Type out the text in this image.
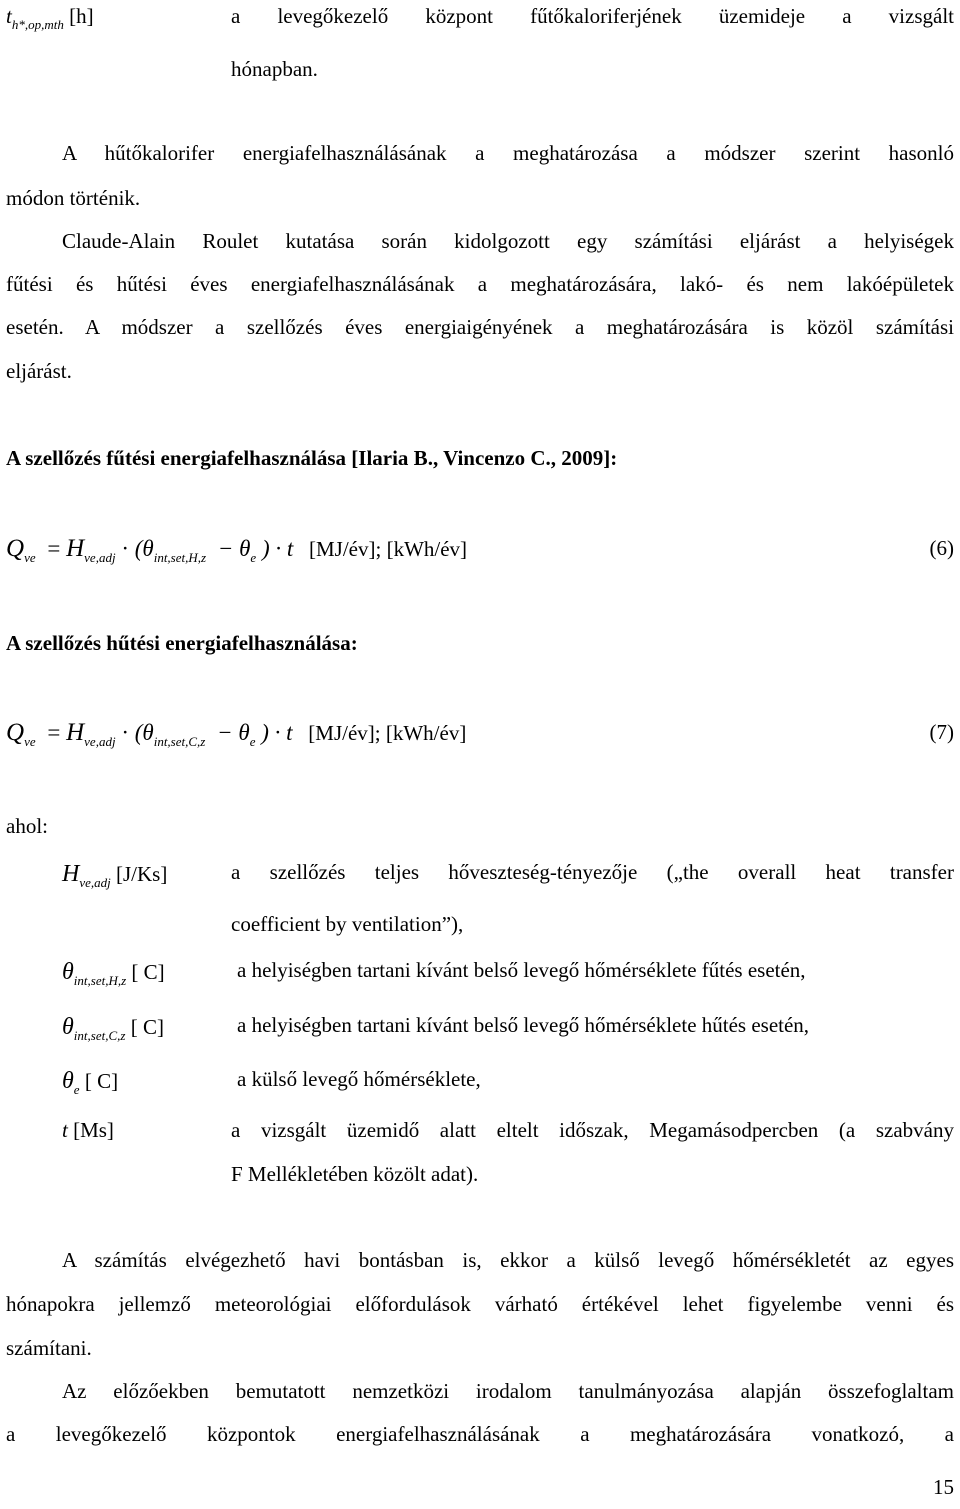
$t_{h*,op,mth}$ [h]	a levegőkezelő központ fűtőkaloriferjének üzemideje a vizsgált
hónapban.
A hűtőkalorifer energiafelhasználásának a meghatározása a módszer szerint hasonló
módon történik.
Claude-Alain Roulet kutatása során kidolgozott egy számítási eljárást a helyiségek
fűtési és hűtési éves energiafelhasználásának a meghatározására, lakó- és nem lakóépületek
esetén. A módszer a szellőzés éves energiaigényének a meghatározására is közöl számítási
eljárást.
A szellőzés fűtési energiafelhasználása [Ilaria B., Vincenzo C., 2009]:
$Q_{ve} = H_{ve,adj} \cdot (\theta_{int,set,H,z} - \theta_e$ ) · t [MJ/év]; [kWh/év]	(6)
A szellőzés hűtési energiafelhasználása:
$Q_{ve} = H_{ve,adj} \cdot (\theta_{int,set,C,z} - \theta_e$ ) · t [MJ/év]; [kWh/év]	(7)
ahol:
$H_{ve,adj}$ [J/Ks]	a szellőzés teljes hőveszteség-tényezője („the overall heat transfer
coefficient by ventilation”),
$\theta_{int,set,H,z}$ [ C]	a helyiségben tartani kívánt belső levegő hőmérséklete fűtés esetén,
$\theta_{int,set,C,z}$ [ C]	a helyiségben tartani kívánt belső levegő hőmérséklete hűtés esetén,
$\theta_e$ [ C]	a külső levegő hőmérséklete,
t [Ms]	a vizsgált üzemidő alatt eltelt időszak, Megamásodpercben (a szabvány
F Mellékletében közölt adat).
A számítás elvégezhető havi bontásban is, ekkor a külső levegő hőmérsékletét az egyes
hónapokra jellemző meteorológiai előfordulások várható értékével lehet figyelembe venni és
számítani.
Az előzőekben bemutatott nemzetközi irodalom tanulmányozása alapján összefoglaltam
a levegőkezelő központok energiafelhasználásának a meghatározására vonatkozó, a
15
